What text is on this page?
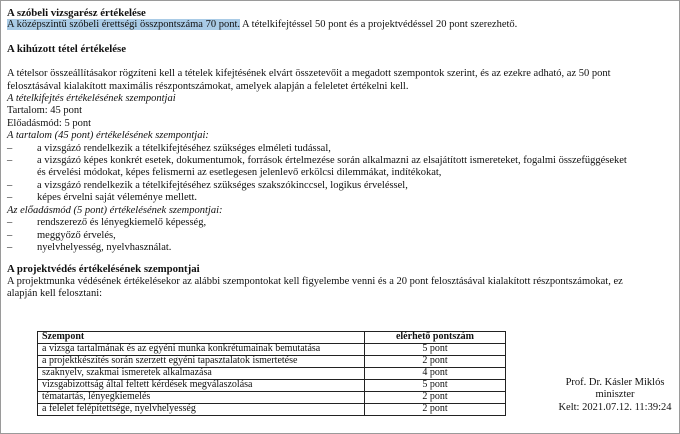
A szóbeli vizsgarész értékelése

A középszintű szóbeli érettségi összpontszáma 70 pont. A tételkifejtéssel 50 pont és a projektvédéssel 20 pont szerezhető.

A kihúzott tétel értékelése

A tételsor összeállításakor rögzíteni kell a tételek kifejtésének elvárt összetevőit a megadott szempontok szerint, és az ezekre adható, az 50 pont

felosztásával kialakított maximális részpontszámokat, amelyek alapján a feleletet értékelni kell.

A tételkifejtés értékelésének szempontjai

Tartalom: 45 pont

Előadásmód: 5 pont

A tartalom (45 pont) értékelésének szempontjai:

– a vizsgázó rendelkezik a tételkifejtéséhez szükséges elméleti tudással,
– a vizsgázó képes konkrét esetek, dokumentumok, források értelmezése során alkalmazni az elsajátított ismereteket, fogalmi összefüggéseket
és érvelési módokat, képes felismerni az esetlegesen jelenlevő erkölcsi dilemmákat, indítékokat,
– a vizsgázó rendelkezik a tételkifejtéséhez szükséges szakszókinccsel, logikus érveléssel,
– képes érvelni saját véleménye mellett.

Az előadásmód (5 pont) értékelésének szempontjai:

– rendszerező és lényegkiemelő képesség,
– meggyőző érvelés,
– nyelvhelyesség, nyelvhasználat.

A projektvédés értékelésének szempontjai

A projektmunka védésének értékelésekor az alábbi szempontokat kell figyelembe venni és a 20 pont felosztásával kialakított részpontszámokat, ez

alapján kell felosztani:

Szempont	elérhető pontszám
a vizsga tartalmának és az egyéni munka konkrétumainak bemutatása	5 pont
a projektkészítés során szerzett egyéni tapasztalatok ismertetése	2 pont
szaknyelv, szakmai ismeretek alkalmazása	4 pont
vizsgabizottság által feltett kérdések megválaszolása	5 pont
tématartás, lényegkiemelés	2 pont
a felelet felépítettsége, nyelvhelyesség	2 pont
Prof. Dr. Kásler Miklós
miniszter
Kelt: 2021.07.12. 11:39:24
